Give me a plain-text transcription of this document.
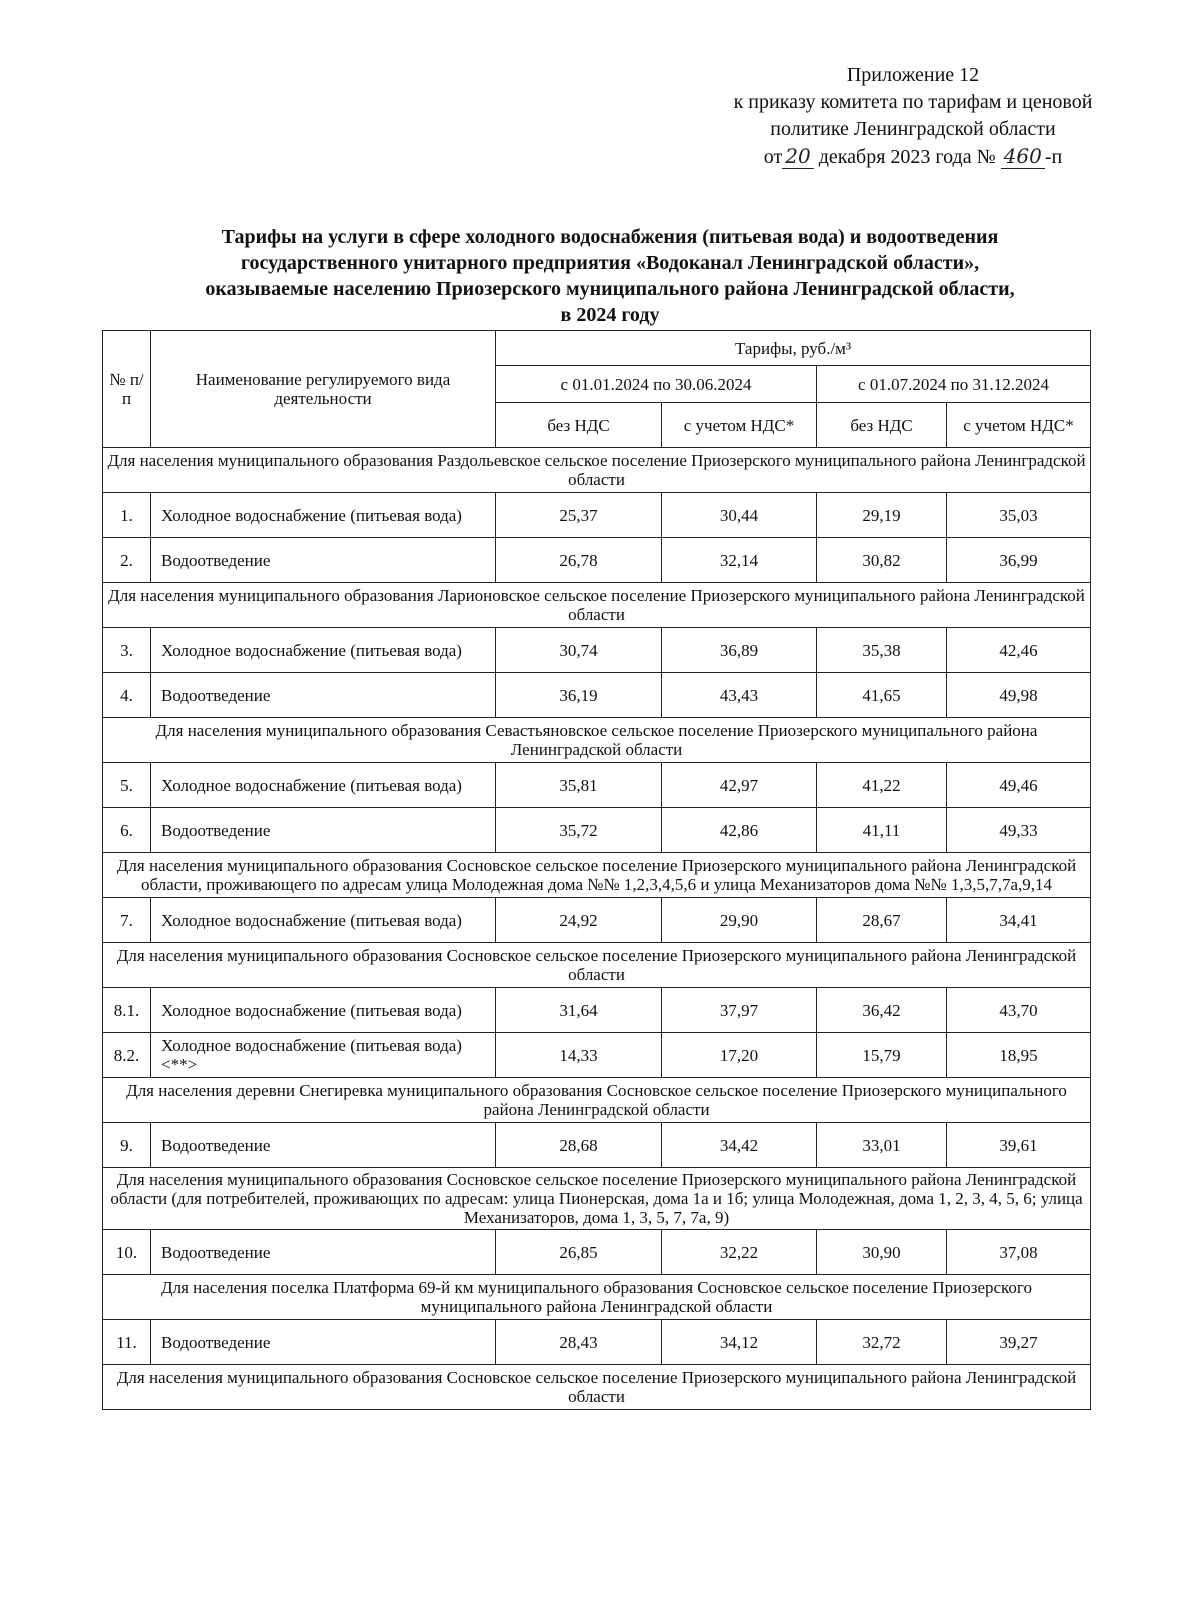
Приложение 12
к приказу комитета по тарифам и ценовой
политике Ленинградской области
от 20 декабря 2023 года № 460 -п
Тарифы на услуги в сфере холодного водоснабжения (питьевая вода) и водоотведения
государственного унитарного предприятия «Водоканал Ленинградской области»,
оказываемые населению Приозерского муниципального района Ленинградской области,
в 2024 году
№ п/п	Наименование регулируемого вида деятельности	Тарифы, руб./м³			
		с 01.01.2024 по 30.06.2024		с 01.07.2024 по 31.12.2024	
		без НДС	с учетом НДС*	без НДС	с учетом НДС*
Для населения муниципального образования Раздольевское сельское поселение Приозерского муниципального района Ленинградской области					
1.	Холодное водоснабжение (питьевая вода)	25,37	30,44	29,19	35,03
2.	Водоотведение	26,78	32,14	30,82	36,99
Для населения муниципального образования Ларионовское сельское поселение Приозерского муниципального района Ленинградской области					
3.	Холодное водоснабжение (питьевая вода)	30,74	36,89	35,38	42,46
4.	Водоотведение	36,19	43,43	41,65	49,98
Для населения муниципального образования Севастьяновское сельское поселение Приозерского муниципального района Ленинградской области					
5.	Холодное водоснабжение (питьевая вода)	35,81	42,97	41,22	49,46
6.	Водоотведение	35,72	42,86	41,11	49,33
Для населения муниципального образования Сосновское сельское поселение Приозерского муниципального района Ленинградской области, проживающего по адресам улица Молодежная дома №№ 1,2,3,4,5,6 и улица Механизаторов дома №№ 1,3,5,7,7а,9,14					
7.	Холодное водоснабжение (питьевая вода)	24,92	29,90	28,67	34,41
Для населения муниципального образования Сосновское сельское поселение Приозерского муниципального района Ленинградской области					
8.1.	Холодное водоснабжение (питьевая вода)	31,64	37,97	36,42	43,70
8.2.	Холодное водоснабжение (питьевая вода) <**>	14,33	17,20	15,79	18,95
Для населения деревни Снегиревка муниципального образования Сосновское сельское поселение Приозерского муниципального района Ленинградской области					
9.	Водоотведение	28,68	34,42	33,01	39,61
Для населения муниципального образования Сосновское сельское поселение Приозерского муниципального района Ленинградской области (для потребителей, проживающих по адресам: улица Пионерская, дома 1а и 1б; улица Молодежная, дома 1, 2, 3, 4, 5, 6; улица Механизаторов, дома 1, 3, 5, 7, 7а, 9)					
10.	Водоотведение	26,85	32,22	30,90	37,08
Для населения поселка Платформа 69-й км муниципального образования Сосновское сельское поселение Приозерского муниципального района Ленинградской области					
11.	Водоотведение	28,43	34,12	32,72	39,27
Для населения муниципального образования Сосновское сельское поселение Приозерского муниципального района Ленинградской области					
